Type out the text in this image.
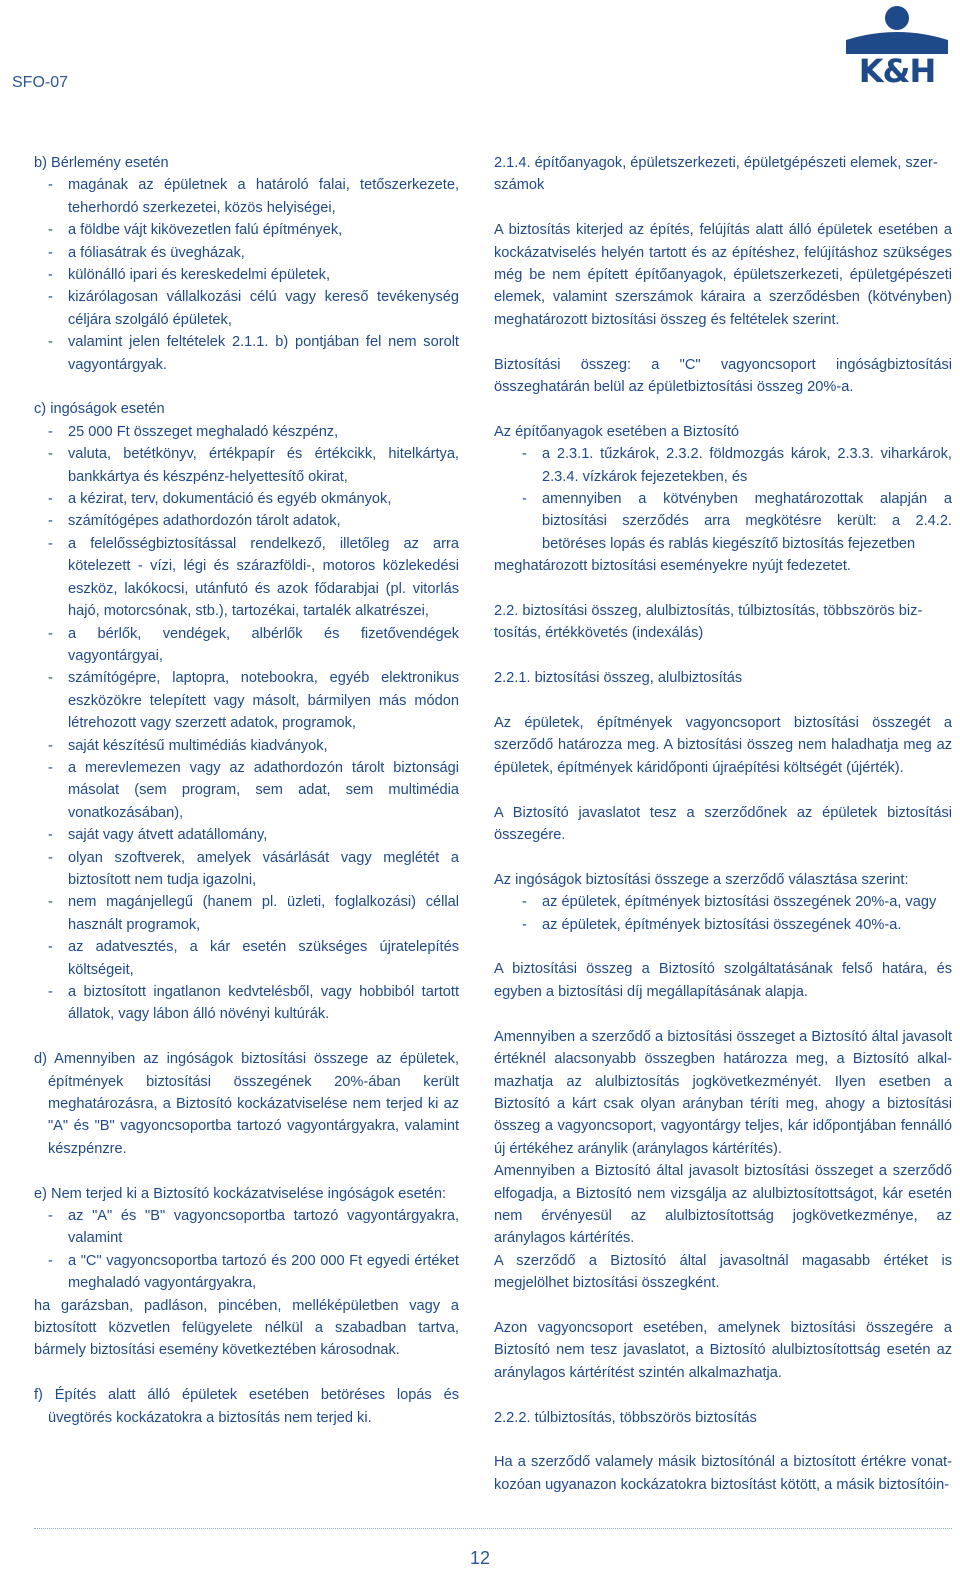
SFO-07	K&H

b) Bérlemény esetén

-	magának az épületnek a határoló falai, tetőszerkezete, teherhordó szerkezetei, közös helyiségei,
-	a földbe vájt kikövezetlen falú építmények,
-	a fóliasátrak és üvegházak,
-	különálló ipari és kereskedelmi épületek,
-	kizárólagosan vállalkozási célú vagy kereső tevékenység céljára szolgáló épületek,
-	valamint jelen feltételek 2.1.1. b) pontjában fel nem sorolt vagyontárgyak.

c) ingóságok esetén

-	25 000 Ft összeget meghaladó készpénz,
-	valuta, betétkönyv, értékpapír és értékcikk, hitelkártya, bankkártya és készpénz-helyettesítő okirat,
-	a kézirat, terv, dokumentáció és egyéb okmányok,
-	számítógépes adathordozón tárolt adatok,
-	a felelősségbiztosítással rendelkező, illetőleg az arra kötelezett - vízi, légi és szárazföldi-, motoros közlekedési eszköz, lakókocsi, utánfutó és azok fődarabjai (pl. vitorlás hajó, motorcsónak, stb.), tartozékai, tartalék alkatrészei,
-	a bérlők, vendégek, albérlők és fizetővendégek vagyontárgyai,
-	számítógépre, laptopra, notebookra, egyéb elektronikus eszközökre telepített vagy másolt, bármilyen más módon létrehozott vagy szerzett adatok, programok,
-	saját készítésű multimédiás kiadványok,
-	a merevlemezen vagy az adathordozón tárolt biztonsági másolat (sem program, sem adat, sem multimédia vonatkozásában),
-	saját vagy átvett adatállomány,
-	olyan szoftverek, amelyek vásárlását vagy meglétét a biztosított nem tudja igazolni,
-	nem magánjellegű (hanem pl. üzleti, foglalkozási) céllal használt programok,
-	az adatvesztés, a kár esetén szükséges újratelepítés költségeit,
-	a biztosított ingatlanon kedvtelésből, vagy hobbiból tartott állatok, vagy lábon álló növényi kultúrák.

d) Amennyiben az ingóságok biztosítási összege az épületek, építmények biztosítási összegének 20%-ában került meghatározásra, a Biztosító kockázatviselése nem terjed ki az "A" és "B" vagyoncsoportba tartozó vagyontárgyakra, valamint készpénzre.

e) Nem terjed ki a Biztosító kockázatviselése ingóságok esetén:

-	az "A" és "B" vagyoncsoportba tartozó vagyontárgyakra, valamint
-	a "C" vagyoncsoportba tartozó és 200 000 Ft egyedi értéket meghaladó vagyontárgyakra,

ha garázsban, padláson, pincében, melléképületben vagy a biztosított közvetlen felügyelete nélkül a szabadban tartva, bármely biztosítási esemény következtében károsodnak.

f) Építés alatt álló épületek esetében betöréses lopás és üvegtörés kockázatokra a biztosítás nem terjed ki.

2.1.4. építőanyagok, épületszerkezeti, épületgépészeti elemek, szerszámok

A biztosítás kiterjed az építés, felújítás alatt álló épületek esetében a kockázatviselés helyén tartott és az építéshez, felújításhoz szükséges még be nem épített építőanyagok, épületszerkezeti, épületgépészeti elemek, valamint szerszámok káraira a szerződésben (kötvényben) meghatározott biztosítási összeg és feltételek szerint.

Biztosítási összeg: a "C" vagyoncsoport ingóságbiztosítási összeghatárán belül az épületbiztosítási összeg 20%-a.

Az építőanyagok esetében a Biztosító

-	a 2.3.1. tűzkárok, 2.3.2. földmozgás károk, 2.3.3. viharkárok, 2.3.4. vízkárok fejezetekben, és
-	amennyiben a kötvényben meghatározottak alapján a biztosítási szerződés arra megkötésre került: a 2.4.2. betöréses lopás és rablás kiegészítő biztosítás fejezetben

meghatározott biztosítási eseményekre nyújt fedezetet.

2.2. biztosítási összeg, alulbiztosítás, túlbiztosítás, többszörös biztosítás, értékkövetés (indexálás)

2.2.1. biztosítási összeg, alulbiztosítás

Az épületek, építmények vagyoncsoport biztosítási összegét a szerződő határozza meg. A biztosítási összeg nem haladhatja meg az épületek, építmények káridőponti újraépítési költségét (újérték).

A Biztosító javaslatot tesz a szerződőnek az épületek biztosítási összegére.

Az ingóságok biztosítási összege a szerződő választása szerint:

-	az épületek, építmények biztosítási összegének 20%-a, vagy
-	az épületek, építmények biztosítási összegének 40%-a.

A biztosítási összeg a Biztosító szolgáltatásának felső határa, és egyben a biztosítási díj megállapításának alapja.

Amennyiben a szerződő a biztosítási összeget a Biztosító által javasolt értéknél alacsonyabb összegben határozza meg, a Biztosító alkalmazhatja az alulbiztosítás jogkövetkezményét. Ilyen esetben a Biztosító a kárt csak olyan arányban téríti meg, ahogy a biztosítási összeg a vagyoncsoport, vagyontárgy teljes, kár időpontjában fennálló új értékéhez aránylik (aránylagos kártérítés).

Amennyiben a Biztosító által javasolt biztosítási összeget a szerződő elfogadja, a Biztosító nem vizsgálja az alulbiztosítottságot, kár esetén nem érvényesül az alulbiztosítottság jogkövetkezménye, az aránylagos kártérítés.

A szerződő a Biztosító által javasoltnál magasabb értéket is megjelölhet biztosítási összegként.

Azon vagyoncsoport esetében, amelynek biztosítási összegére a Biztosító nem tesz javaslatot, a Biztosító alulbiztosítottság esetén az aránylagos kártérítést szintén alkalmazhatja.

2.2.2. túlbiztosítás, többszörös biztosítás

Ha a szerződő valamely másik biztosítónál a biztosított értékre vonatkozóan ugyanazon kockázatokra biztosítást kötött, a másik biztosítóin-

12
